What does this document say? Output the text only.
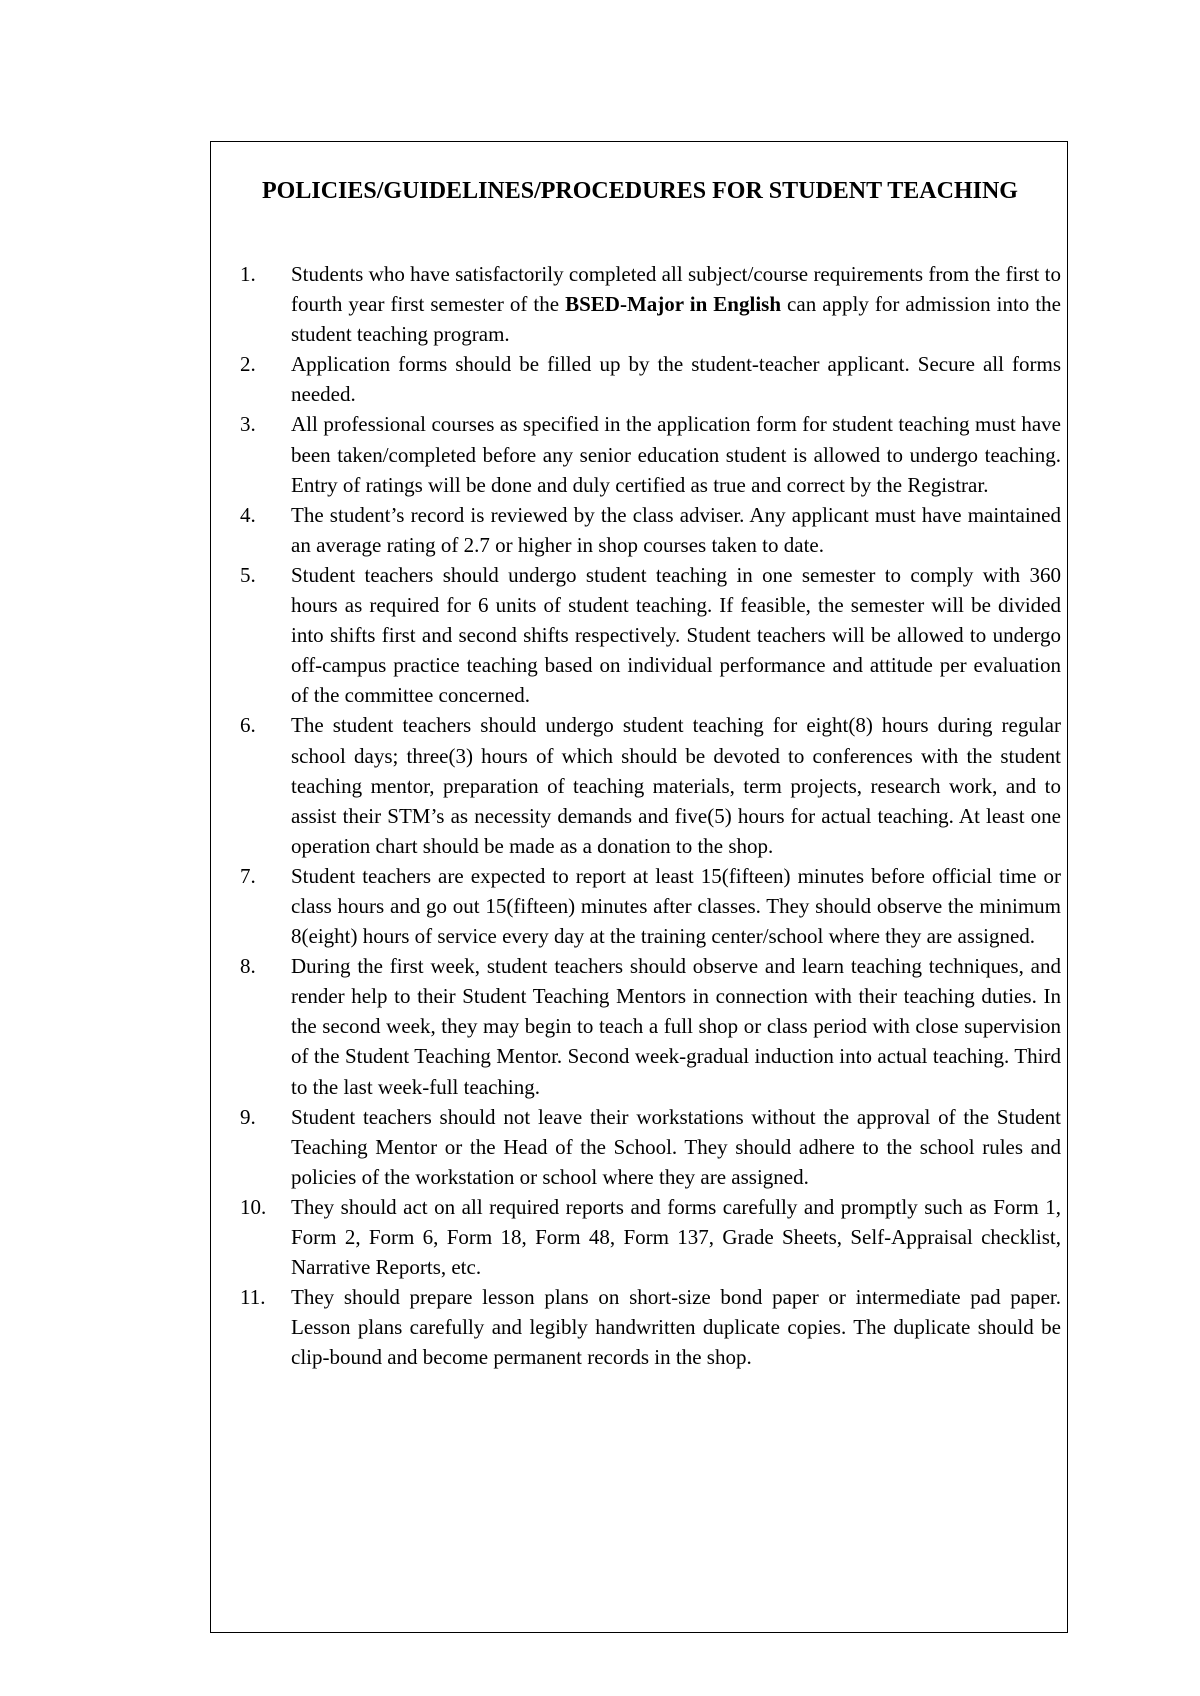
POLICIES/GUIDELINES/PROCEDURES FOR STUDENT TEACHING
1.	Students who have satisfactorily completed all subject/course requirements from the first to fourth year first semester of the BSED-Major in English can apply for admission into the student teaching program.
2.	Application forms should be filled up by the student-teacher applicant. Secure all forms needed.
3.	All professional courses as specified in the application form for student teaching must have been taken/completed before any senior education student is allowed to undergo teaching. Entry of ratings will be done and duly certified as true and correct by the Registrar.
4.	The student’s record is reviewed by the class adviser. Any applicant must have maintained an average rating of 2.7 or higher in shop courses taken to date.
5.	Student teachers should undergo student teaching in one semester to comply with 360 hours as required for 6 units of student teaching. If feasible, the semester will be divided into shifts first and second shifts respectively. Student teachers will be allowed to undergo off-campus practice teaching based on individual performance and attitude per evaluation of the committee concerned.
6.	The student teachers should undergo student teaching for eight(8) hours during regular school days; three(3) hours of which should be devoted to conferences with the student teaching mentor, preparation of teaching materials, term projects, research work, and to assist their STM’s as necessity demands and five(5) hours for actual teaching. At least one operation chart should be made as a donation to the shop.
7.	Student teachers are expected to report at least 15(fifteen) minutes before official time or class hours and go out 15(fifteen) minutes after classes. They should observe the minimum 8(eight) hours of service every day at the training center/school where they are assigned.
8.	During the first week, student teachers should observe and learn teaching techniques, and render help to their Student Teaching Mentors in connection with their teaching duties. In the second week, they may begin to teach a full shop or class period with close supervision of the Student Teaching Mentor. Second week-gradual induction into actual teaching. Third to the last week-full teaching.
9.	Student teachers should not leave their workstations without the approval of the Student Teaching Mentor or the Head of the School. They should adhere to the school rules and policies of the workstation or school where they are assigned.
10.	They should act on all required reports and forms carefully and promptly such as Form 1, Form 2, Form 6, Form 18, Form 48, Form 137, Grade Sheets, Self-Appraisal checklist, Narrative Reports, etc.
11.	They should prepare lesson plans on short-size bond paper or intermediate pad paper. Lesson plans carefully and legibly handwritten duplicate copies. The duplicate should be clip-bound and become permanent records in the shop.
